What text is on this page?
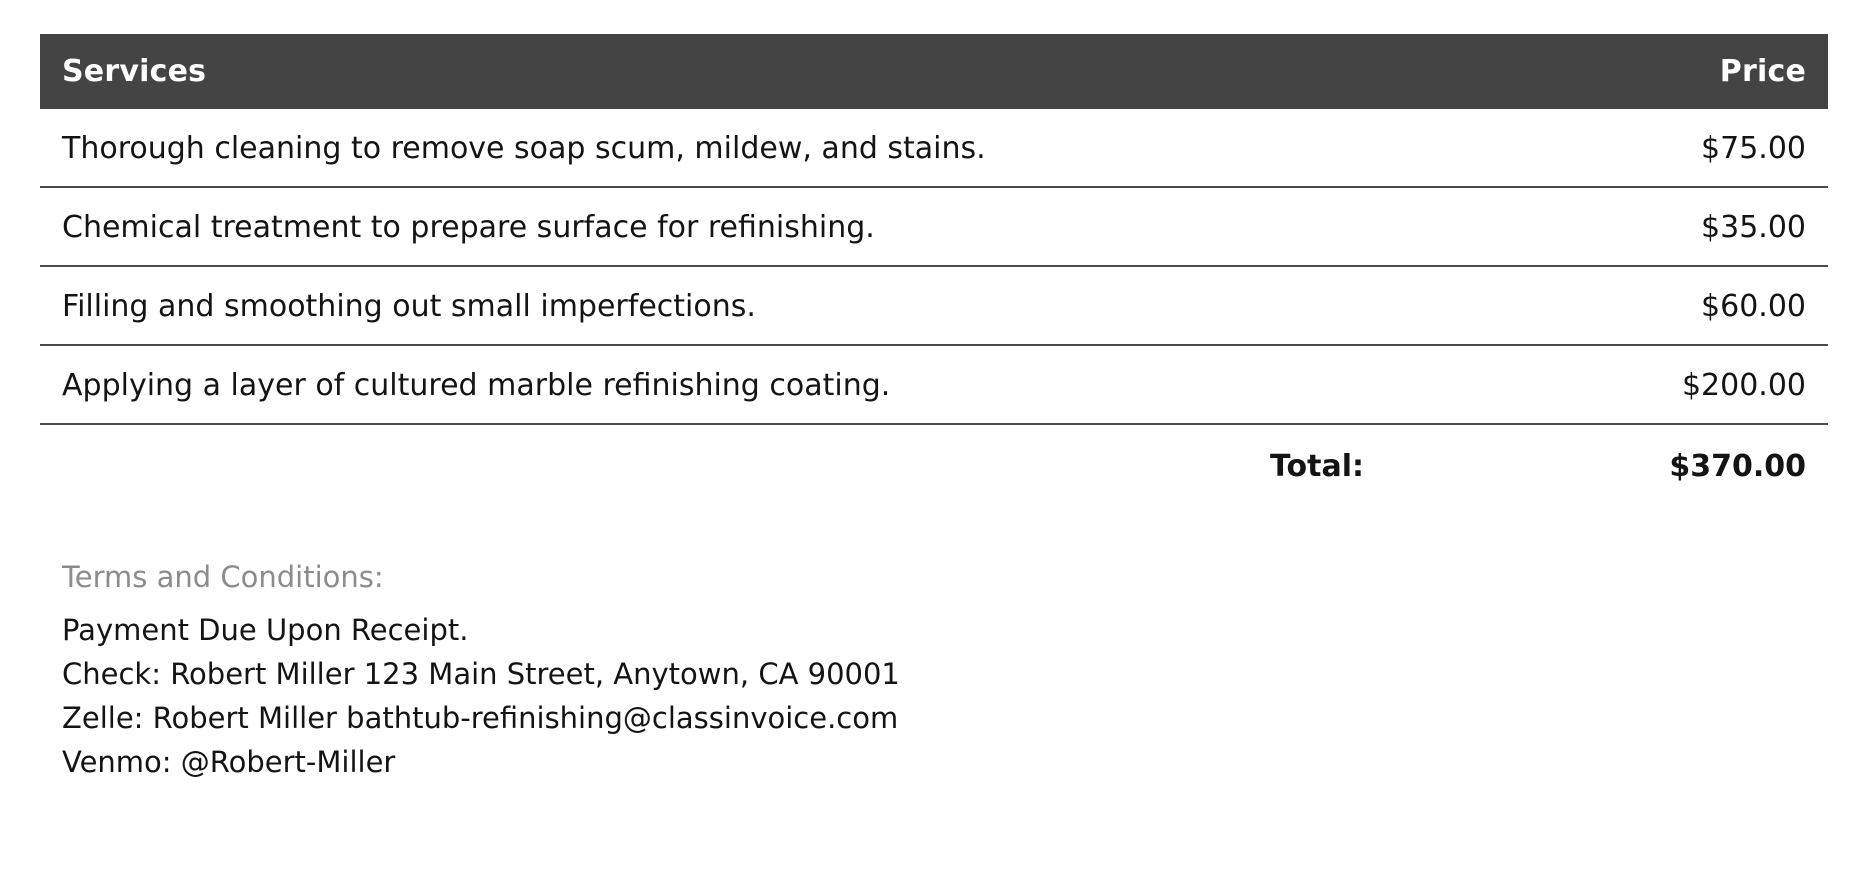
Services	Price
Thorough cleaning to remove soap scum, mildew, and stains.	$75.00
Chemical treatment to prepare surface for refinishing.	$35.00
Filling and smoothing out small imperfections.	$60.00
Applying a layer of cultured marble refinishing coating.	$200.00
Total:	$370.00
Terms and Conditions:
Payment Due Upon Receipt.
Check: Robert Miller 123 Main Street, Anytown, CA 90001
Zelle: Robert Miller bathtub-refinishing@classinvoice.com
Venmo: @Robert-Miller
